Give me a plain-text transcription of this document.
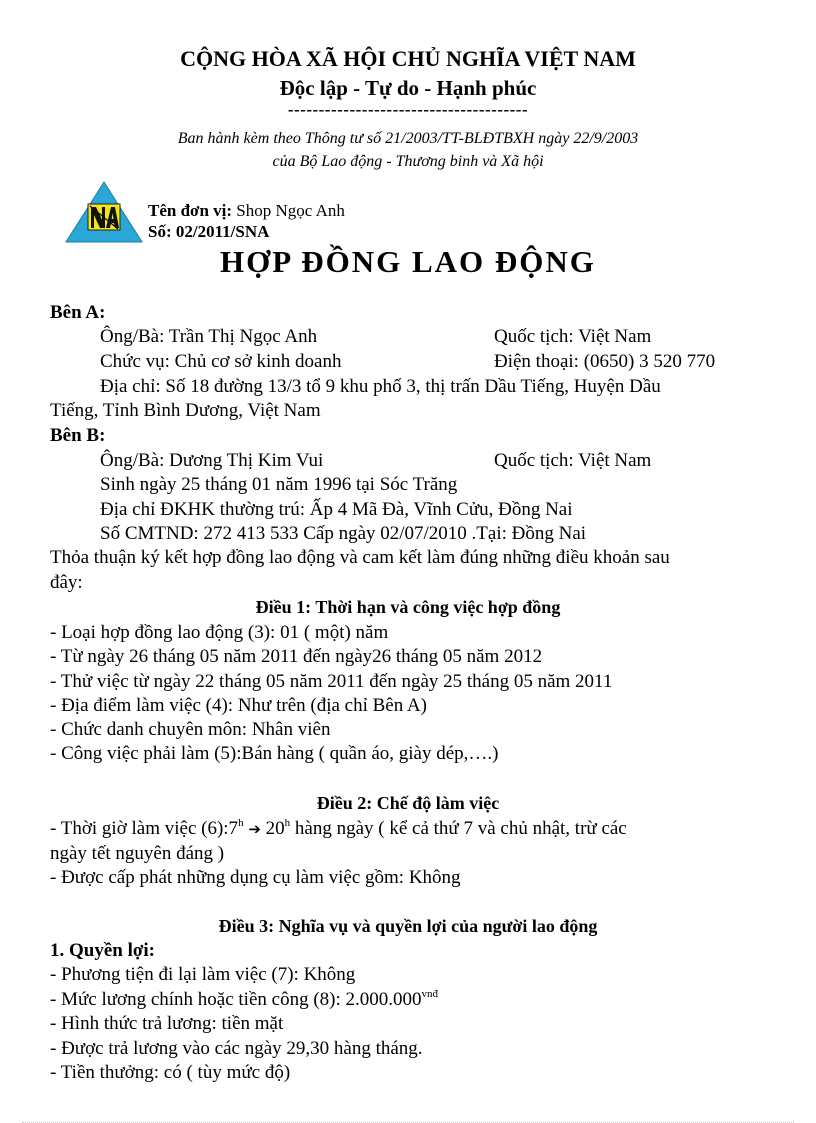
CỘNG HÒA XÃ HỘI CHỦ NGHĨA VIỆT NAM
Độc lập - Tự do - Hạnh phúc
---------------------------------------
Ban hành kèm theo Thông tư số 21/2003/TT-BLĐTBXH ngày 22/9/2003
của Bộ Lao động - Thương binh và Xã hội
Tên đơn vị: Shop Ngọc Anh
Số: 02/2011/SNA
HỢP ĐỒNG LAO ĐỘNG
Bên A:
Ông/Bà: Trần Thị Ngọc Anh	Quốc tịch: Việt Nam
Chức vụ: Chủ cơ sở kinh doanh	Điện thoại: (0650) 3 520 770
Địa chỉ: Số 18 đường 13/3 tổ 9 khu phố 3, thị trấn Dầu Tiếng, Huyện Dầu
Tiếng, Tỉnh Bình Dương, Việt Nam
Bên B:
Ông/Bà: Dương Thị Kim Vui	Quốc tịch: Việt Nam
Sinh ngày 25 tháng 01 năm 1996 tại Sóc Trăng
Địa chỉ ĐKHK thường trú: Ấp 4 Mã Đà, Vĩnh Cửu, Đồng Nai
Số CMTND: 272 413 533 Cấp ngày 02/07/2010 .Tại: Đồng Nai
Thỏa thuận ký kết hợp đồng lao động và cam kết làm đúng những điều khoản sau
đây:
Điều 1: Thời hạn và công việc hợp đồng
- Loại hợp đồng lao động (3): 01 ( một) năm
- Từ ngày 26 tháng 05 năm 2011 đến ngày26 tháng 05 năm 2012
- Thử việc từ ngày 22 tháng 05 năm 2011 đến ngày 25 tháng 05 năm 2011
- Địa điểm làm việc (4): Như trên (địa chỉ Bên A)
- Chức danh chuyên môn: Nhân viên
- Công việc phải làm (5):Bán hàng ( quần áo, giày dép,….)
Điều 2: Chế độ làm việc
- Thời giờ làm việc (6):7$^h$ ➔ 20$^h$ hàng ngày ( kể cả thứ 7 và chủ nhật, trừ các
ngày tết nguyên đáng )
- Được cấp phát những dụng cụ làm việc gồm: Không
Điều 3: Nghĩa vụ và quyền lợi của người lao động
1. Quyền lợi:
- Phương tiện đi lại làm việc (7): Không
- Mức lương chính hoặc tiền công (8): $2.000.000^{vnđ}$
- Hình thức trả lương: tiền mặt
- Được trả lương vào các ngày 29,30 hàng tháng.
- Tiền thưởng: có ( tùy mức độ)
